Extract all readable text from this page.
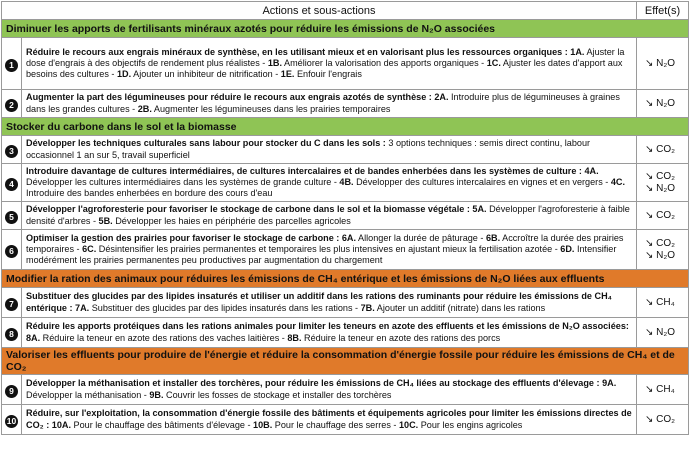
Actions et sous-actions		Effet(s)
Diminuer les apports de fertilisants minéraux azotés pour réduire les émissions de N₂O associées		
1	Réduire le recours aux engrais minéraux de synthèse, en les utilisant mieux et en valorisant plus les ressources organiques : 1A. Ajuster la dose d'engrais à des objectifs de rendement plus réalistes - 1B. Améliorer la valorisation des apports organiques - 1C. Ajuster les dates d'apport aux besoins des cultures - 1D. Ajouter un inhibiteur de nitrification - 1E. Enfouir l'engrais	↘ N₂O

2	Augmenter la part des légumineuses pour réduire le recours aux engrais azotés de synthèse : 2A. Introduire plus de légumineuses à graines dans les grandes cultures - 2B. Augmenter les légumineuses dans les prairies temporaires	↘ N₂O

Stocker du carbone dans le sol et la biomasse		
3	Développer les techniques culturales sans labour pour stocker du C dans les sols : 3 options techniques : semis direct continu, labour occasionnel 1 an sur 5, travail superficiel	↘ CO₂

4	Introduire davantage de cultures intermédiaires, de cultures intercalaires et de bandes enherbées dans les systèmes de culture : 4A. Développer les cultures intermédiaires dans les systèmes de grande culture - 4B. Développer des cultures intercalaires en vignes et en vergers - 4C. Introduire des bandes enherbées en bordure des cours d'eau	↘ CO₂
↘ N₂O

5	Développer l'agroforesterie pour favoriser le stockage de carbone dans le sol et la biomasse végétale : 5A. Développer l'agroforesterie à faible densité d'arbres - 5B. Développer les haies en périphérie des parcelles agricoles	↘ CO₂

6	Optimiser la gestion des prairies pour favoriser le stockage de carbone : 6A. Allonger la durée de pâturage - 6B. Accroître la durée des prairies temporaires - 6C. Désintensifier les prairies permanentes et temporaires les plus intensives en ajustant mieux la fertilisation azotée - 6D. Intensifier modérément les prairies permanentes peu productives par augmentation du chargement	↘ CO₂
↘ N₂O

Modifier la ration des animaux pour réduires les émissions de CH₄ entérique et les émissions de N₂O liées aux effluents		
7	Substituer des glucides par des lipides insaturés et utiliser un additif dans les rations des ruminants pour réduire les émissions de CH₄ entérique : 7A. Substituer des glucides par des lipides insaturés dans les rations - 7B. Ajouter un additif (nitrate) dans les rations	↘ CH₄

8	Réduire les apports protéiques dans les rations animales pour limiter les teneurs en azote des effluents et les émissions de N₂O associées: 8A. Réduire la teneur en azote des rations des vaches laitières - 8B. Réduire la teneur en azote des rations des porcs	↘ N₂O

Valoriser les effluents pour produire de l'énergie et réduire la consommation d'énergie fossile pour réduire les émissions de CH₄ et de CO₂		
9	Développer la méthanisation et installer des torchères, pour réduire les émissions de CH₄ liées au stockage des effluents d'élevage : 9A. Développer la méthanisation - 9B. Couvrir les fosses de stockage et installer des torchères	↘ CH₄

10	Réduire, sur l'exploitation, la consommation d'énergie fossile des bâtiments et équipements agricoles pour limiter les émissions directes de CO₂ : 10A. Pour le chauffage des bâtiments d'élevage - 10B. Pour le chauffage des serres - 10C. Pour les engins agricoles	↘ CO₂
